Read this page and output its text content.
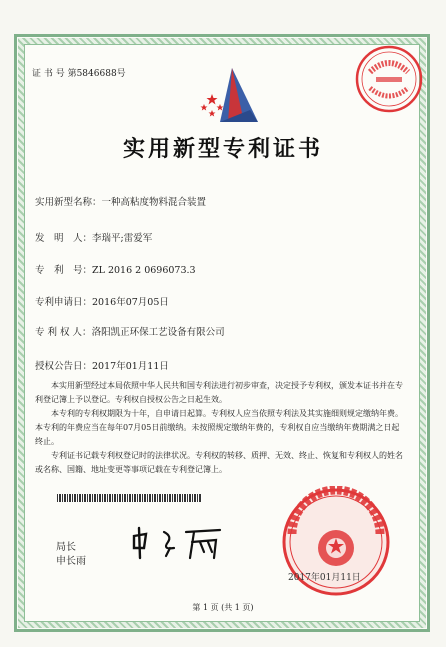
证 书 号 第5846688号
实用新型专利证书
实用新型名称：一种高粘度物料混合装置
发　明　人：李瑞平;雷爱军
专　利　号：ZL 2016 2 0696073.3
专利申请日：2016年07月05日
专 利 权 人：洛阳凯正环保工艺设备有限公司
授权公告日：2017年01月11日
本实用新型经过本局依照中华人民共和国专利法进行初步审查，决定授予专利权，颁发本证书并在专利登记簿上予以登记。专利权自授权公告之日起生效。
本专利的专利权期限为十年，自申请日起算。专利权人应当依照专利法及其实施细则规定缴纳年费。本专利的年费应当在每年07月05日前缴纳。未按照规定缴纳年费的，专利权自应当缴纳年费期满之日起终止。
专利证书记载专利权登记时的法律状况。专利权的转移、质押、无效、终止、恢复和专利权人的姓名或名称、国籍、地址变更等事项记载在专利登记簿上。
局长
申长雨
2017年01月11日
第 1 页 (共 1 页)
